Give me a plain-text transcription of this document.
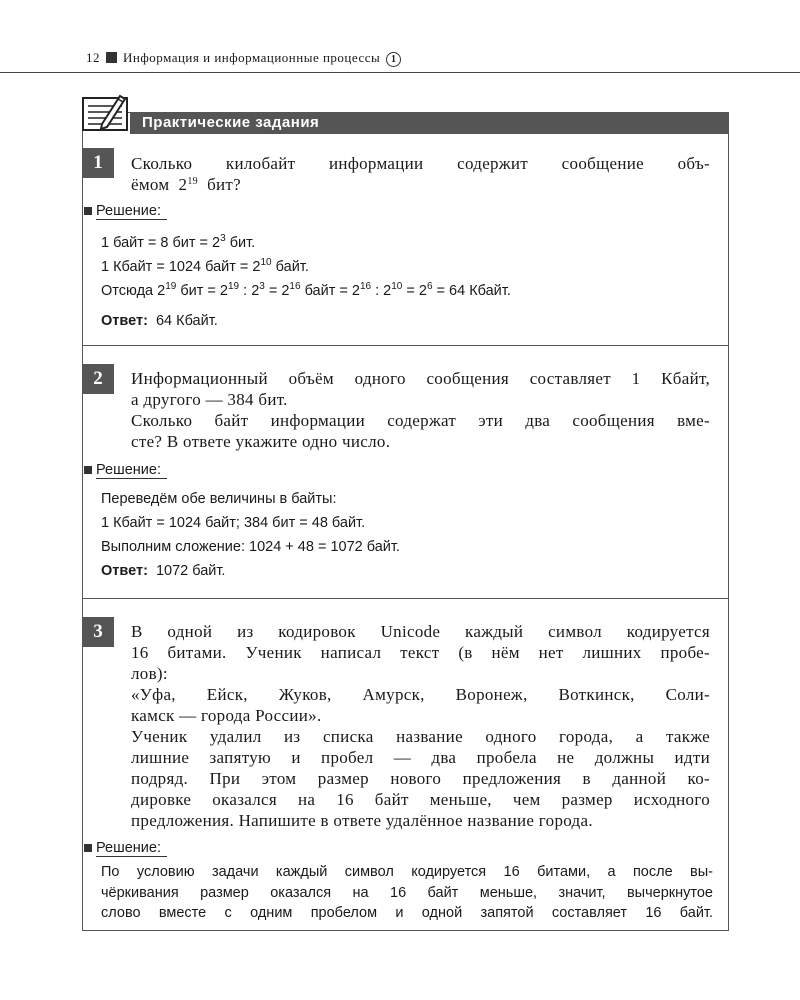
12 Информация и информационные процессы 1
Практические задания
1	Сколько килобайт информации содержит сообщение объ-
ёмом $2^{19}$ бит?
Решение:
1 байт = 8 бит = $2^3$ бит.
1 Кбайт = 1024 байт = $2^{10}$ байт.
Отсюда $2^{19}$ бит = $2^{19}$ : $2^3 = 2^{16}$ байт = $2^{16}$ : $2^{10} = 2^6 = 64$ Кбайт.
Ответ: 64 Кбайт.
2	Информационный объём одного сообщения составляет 1 Кбайт,
а другого — 384 бит.
Сколько байт информации содержат эти два сообщения вме-
сте? В ответе укажите одно число.
Решение:
Переведём обе величины в байты:
1 Кбайт = 1024 байт; 384 бит = 48 байт.
Выполним сложение: 1024 + 48 = 1072 байт.
Ответ: 1072 байт.
3	В одной из кодировок Unicode каждый символ кодируется
16 битами. Ученик написал текст (в нём нет лишних пробе-
лов):
«Уфа, Ейск, Жуков, Амурск, Воронеж, Воткинск, Соли-
камск — города России».
Ученик удалил из списка название одного города, а также
лишние запятую и пробел — два пробела не должны идти
подряд. При этом размер нового предложения в данной ко-
дировке оказался на 16 байт меньше, чем размер исходного
предложения. Напишите в ответе удалённое название города.
Решение:
По условию задачи каждый символ кодируется 16 битами, а после вы-
чёркивания размер оказался на 16 байт меньше, значит, вычеркнутое
слово вместе с одним пробелом и одной запятой составляет 16 байт.
